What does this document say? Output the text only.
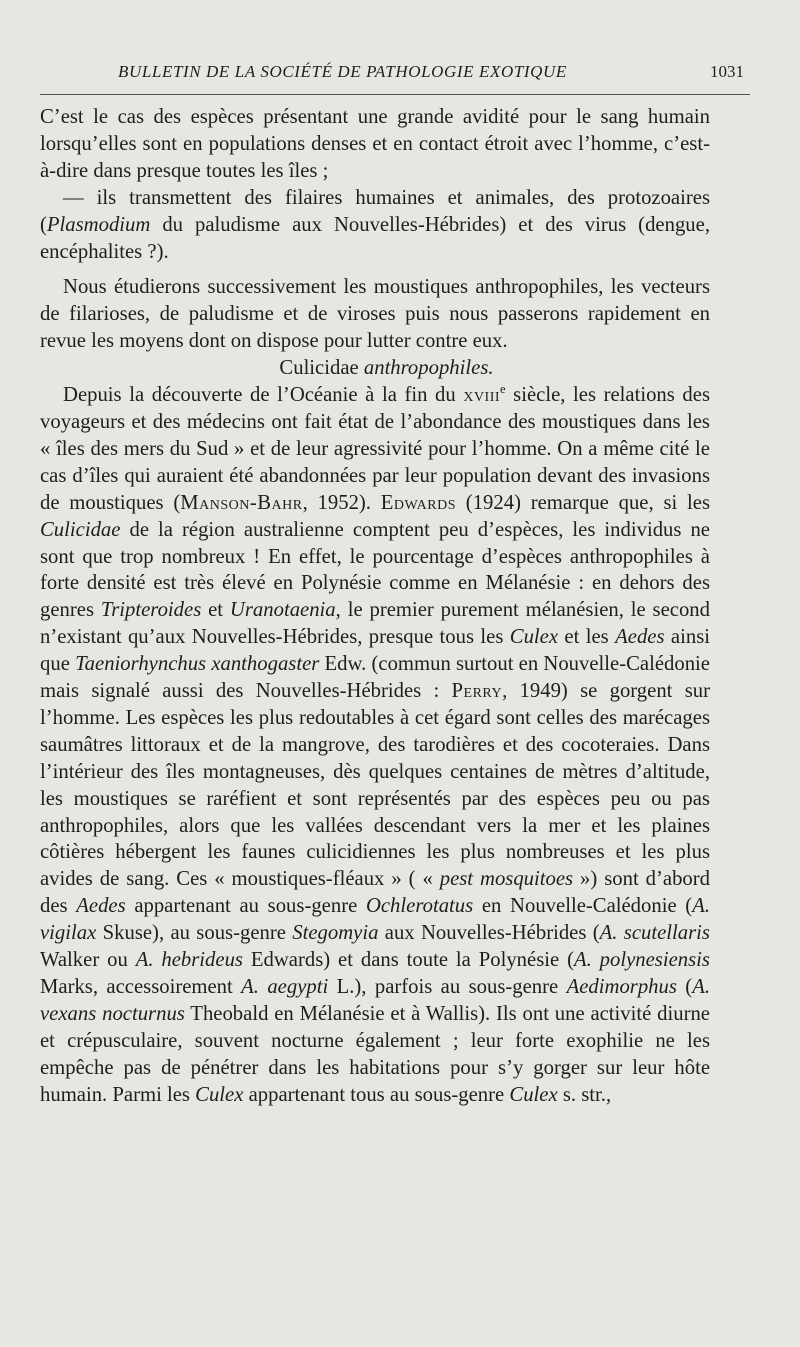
BULLETIN DE LA SOCIÉTÉ DE PATHOLOGIE EXOTIQUE	1031

C’est le cas des espèces présentant une grande avidité pour le sang humain lorsqu’elles sont en populations denses et en contact étroit avec l’homme, c’est-à-dire dans presque toutes les îles ;

— ils transmettent des filaires humaines et animales, des protozoaires (Plasmodium du paludisme aux Nouvelles-Hébrides) et des virus (dengue, encéphalites ?).

Nous étudierons successivement les moustiques anthropophiles, les vecteurs de filarioses, de paludisme et de viroses puis nous passerons rapidement en revue les moyens dont on dispose pour lutter contre eux.

Culicidae anthropophiles.

Depuis la découverte de l’Océanie à la fin du xviii$^e$ siècle, les relations des voyageurs et des médecins ont fait état de l’abondance des moustiques dans les « îles des mers du Sud » et de leur agressivité pour l’homme. On a même cité le cas d’îles qui auraient été abandonnées par leur population devant des invasions de moustiques (Manson-Bahr, 1952). Edwards (1924) remarque que, si les Culicidae de la région australienne comptent peu d’espèces, les individus ne sont que trop nombreux ! En effet, le pourcentage d’espèces anthropophiles à forte densité est très élevé en Polynésie comme en Mélanésie : en dehors des genres Tripteroides et Uranotaenia, le premier purement mélanésien, le second n’existant qu’aux Nouvelles-Hébrides, presque tous les Culex et les Aedes ainsi que Taeniorhynchus xanthogaster Edw. (commun surtout en Nouvelle-Calédonie mais signalé aussi des Nouvelles-Hébrides : Perry, 1949) se gorgent sur l’homme. Les espèces les plus redoutables à cet égard sont celles des marécages saumâtres littoraux et de la mangrove, des tarodières et des cocoteraies. Dans l’intérieur des îles montagneuses, dès quelques centaines de mètres d’altitude, les moustiques se raréfient et sont représentés par des espèces peu ou pas anthropophiles, alors que les vallées descendant vers la mer et les plaines côtières hébergent les faunes culicidiennes les plus nombreuses et les plus avides de sang. Ces « moustiques-fléaux » ( « pest mosquitoes ») sont d’abord des Aedes appartenant au sous-genre Ochlerotatus en Nouvelle-Calédonie (A. vigilax Skuse), au sous-genre Stegomyia aux Nouvelles-Hébrides (A. scutellaris Walker ou A. hebrideus Edwards) et dans toute la Polynésie (A. polynesiensis Marks, accessoirement A. aegypti L.), parfois au sous-genre Aedimorphus (A. vexans nocturnus Theobald en Mélanésie et à Wallis). Ils ont une activité diurne et crépusculaire, souvent nocturne également ; leur forte exophilie ne les empêche pas de pénétrer dans les habitations pour s’y gorger sur leur hôte humain. Parmi les Culex appartenant tous au sous-genre Culex s. str.,
